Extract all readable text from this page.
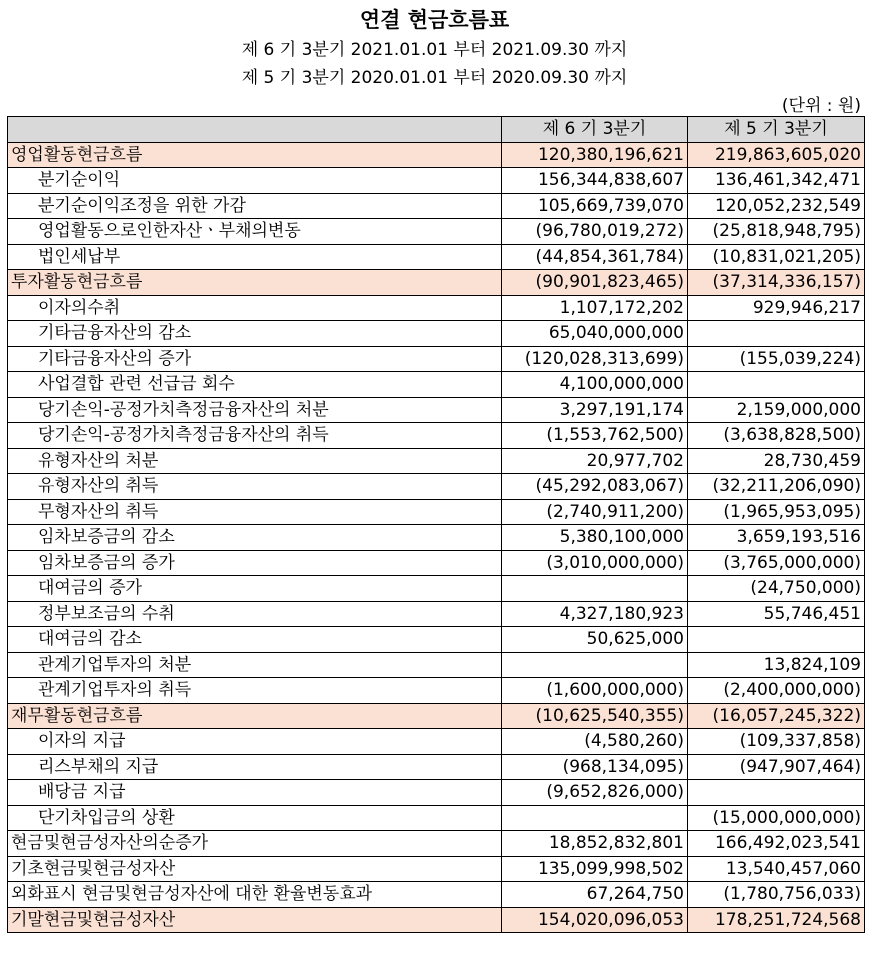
연결 현금흐름표
제 6 기 3분기 2021.01.01 부터 2021.09.30 까지
제 5 기 3분기 2020.01.01 부터 2020.09.30 까지
(단위 : 원)
	제 6 기 3분기	제 5 기 3분기
영업활동현금흐름	120,380,196,621	219,863,605,020
분기순이익	156,344,838,607	136,461,342,471
분기순이익조정을 위한 가감	105,669,739,070	120,052,232,549
영업활동으로인한자산ㆍ부채의변동	(96,780,019,272)	(25,818,948,795)
법인세납부	(44,854,361,784)	(10,831,021,205)
투자활동현금흐름	(90,901,823,465)	(37,314,336,157)
이자의수취	1,107,172,202	929,946,217
기타금융자산의 감소	65,040,000,000	
기타금융자산의 증가	(120,028,313,699)	(155,039,224)
사업결합 관련 선급금 회수	4,100,000,000	
당기손익-공정가치측정금융자산의 처분	3,297,191,174	2,159,000,000
당기손익-공정가치측정금융자산의 취득	(1,553,762,500)	(3,638,828,500)
유형자산의 처분	20,977,702	28,730,459
유형자산의 취득	(45,292,083,067)	(32,211,206,090)
무형자산의 취득	(2,740,911,200)	(1,965,953,095)
임차보증금의 감소	5,380,100,000	3,659,193,516
임차보증금의 증가	(3,010,000,000)	(3,765,000,000)
대여금의 증가		(24,750,000)
정부보조금의 수취	4,327,180,923	55,746,451
대여금의 감소	50,625,000	
관계기업투자의 처분		13,824,109
관계기업투자의 취득	(1,600,000,000)	(2,400,000,000)
재무활동현금흐름	(10,625,540,355)	(16,057,245,322)
이자의 지급	(4,580,260)	(109,337,858)
리스부채의 지급	(968,134,095)	(947,907,464)
배당금 지급	(9,652,826,000)	
단기차입금의 상환		(15,000,000,000)
현금및현금성자산의순증가	18,852,832,801	166,492,023,541
기초현금및현금성자산	135,099,998,502	13,540,457,060
외화표시 현금및현금성자산에 대한 환율변동효과	67,264,750	(1,780,756,033)
기말현금및현금성자산	154,020,096,053	178,251,724,568
